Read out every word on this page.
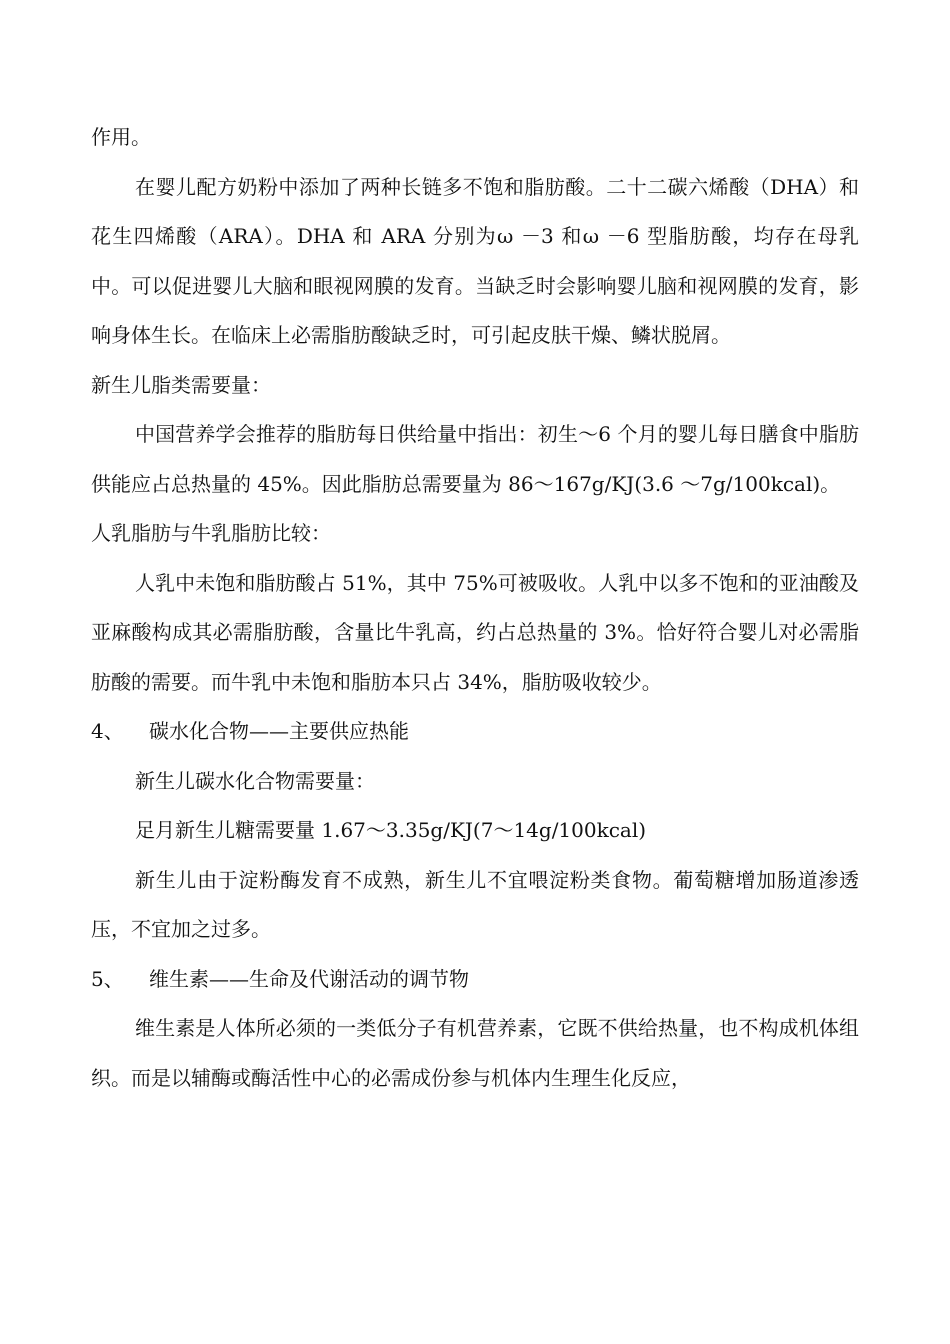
作用。

在婴儿配方奶粉中添加了两种长链多不饱和脂肪酸。二十二碳六烯酸（DHA）和花生四烯酸（ARA）。DHA 和 ARA 分别为ω －3 和ω －6 型脂肪酸，均存在母乳中。可以促进婴儿大脑和眼视网膜的发育。当缺乏时会影响婴儿脑和视网膜的发育，影响身体生长。在临床上必需脂肪酸缺乏时，可引起皮肤干燥、鳞状脱屑。

新生儿脂类需要量：

中国营养学会推荐的脂肪每日供给量中指出：初生～6 个月的婴儿每日膳食中脂肪供能应占总热量的 45%。因此脂肪总需要量为 86～167g/KJ(3.6 ～7g/100kcal)。

人乳脂肪与牛乳脂肪比较：

人乳中未饱和脂肪酸占 51%，其中 75%可被吸收。人乳中以多不饱和的亚油酸及亚麻酸构成其必需脂肪酸，含量比牛乳高，约占总热量的 3%。恰好符合婴儿对必需脂肪酸的需要。而牛乳中未饱和脂肪本只占 34%，脂肪吸收较少。

4、 碳水化合物——主要供应热能

新生儿碳水化合物需要量：

足月新生儿糖需要量 1.67～3.35g/KJ(7～14g/100kcal)

新生儿由于淀粉酶发育不成熟，新生儿不宜喂淀粉类食物。葡萄糖增加肠道渗透压，不宜加之过多。

5、 维生素——生命及代谢活动的调节物

维生素是人体所必须的一类低分子有机营养素，它既不供给热量，也不构成机体组织。而是以辅酶或酶活性中心的必需成份参与机体内生理生化反应，
